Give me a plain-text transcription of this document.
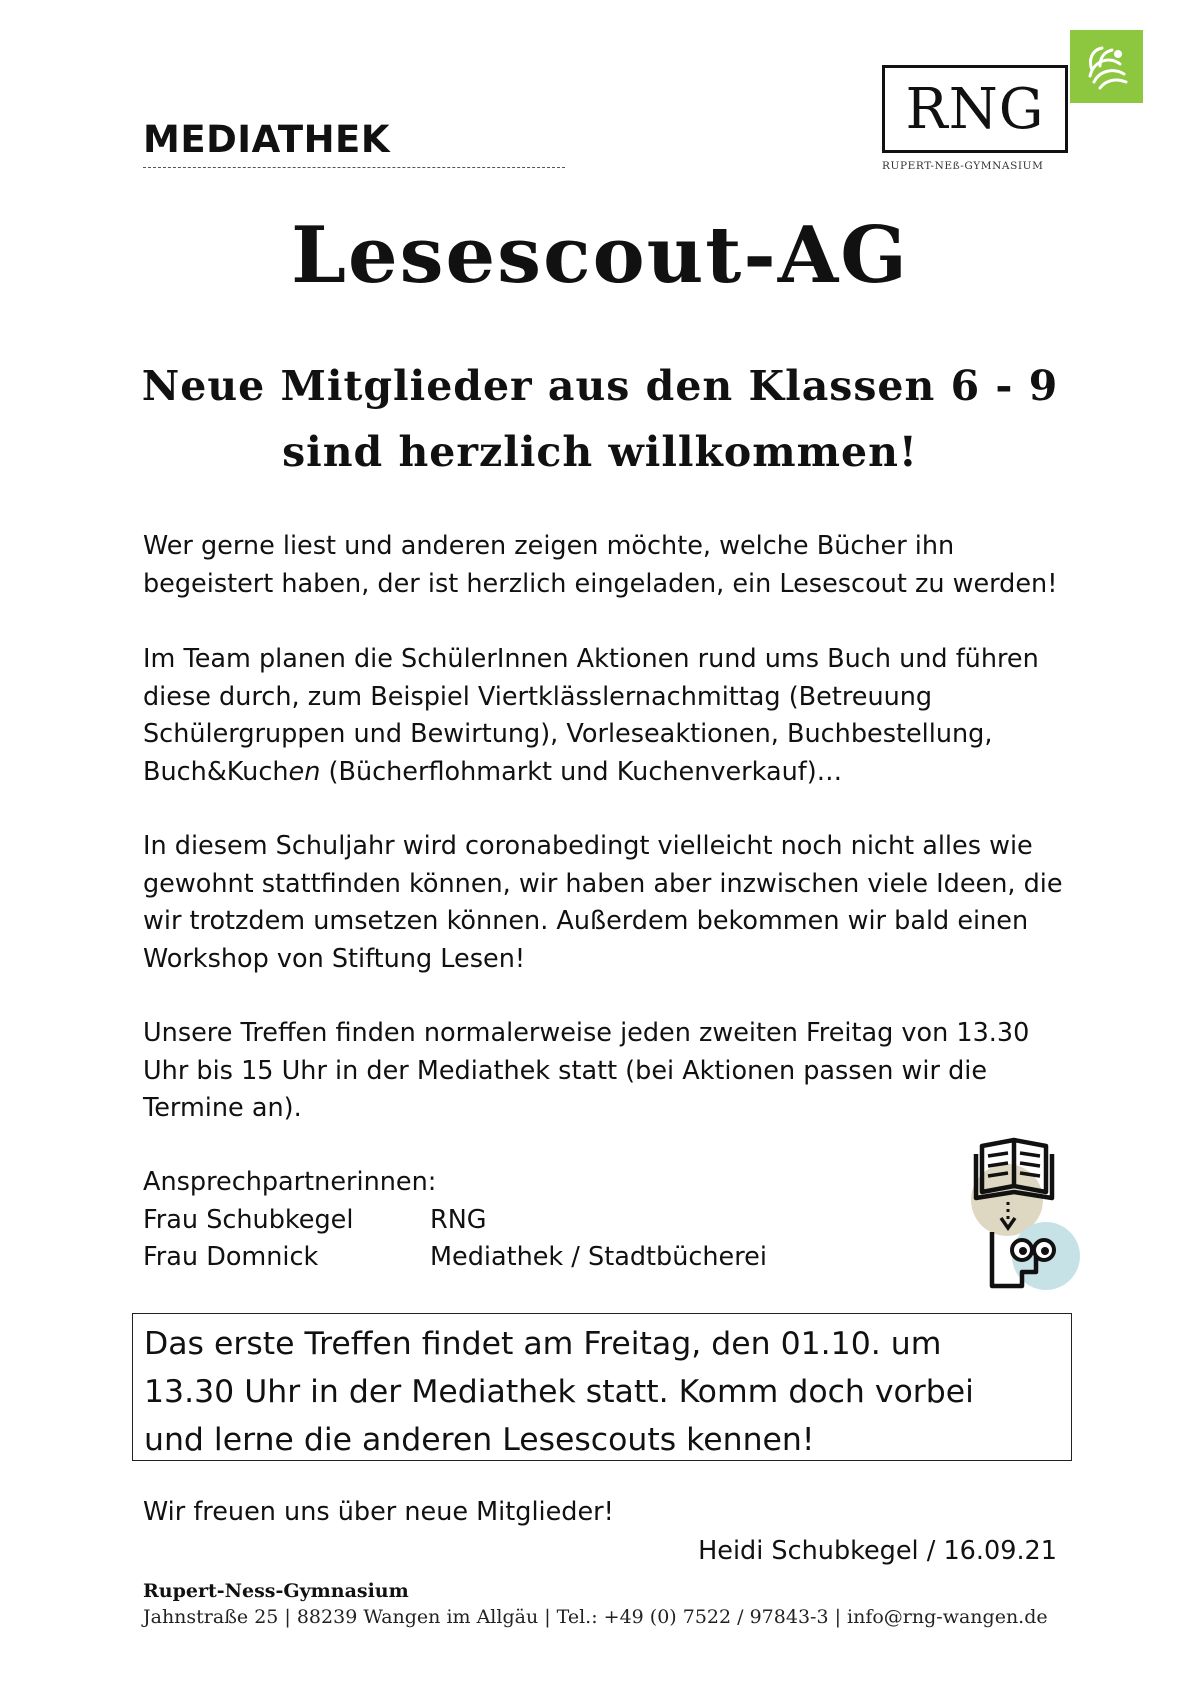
MEDIATHEK	RNG
RUPERT-NEß-GYMNASIUM
Lesescout-AG
Neue Mitglieder aus den Klassen 6 - 9
sind herzlich willkommen!
Wer gerne liest und anderen zeigen möchte, welche Bücher ihn
begeistert haben, der ist herzlich eingeladen, ein Lesescout zu werden!
Im Team planen die SchülerInnen Aktionen rund ums Buch und führen
diese durch, zum Beispiel Viertklässlernachmittag (Betreuung
Schülergruppen und Bewirtung), Vorleseaktionen, Buchbestellung,
Buch&Kuchen (Bücherflohmarkt und Kuchenverkauf)…
In diesem Schuljahr wird coronabedingt vielleicht noch nicht alles wie
gewohnt stattfinden können, wir haben aber inzwischen viele Ideen, die
wir trotzdem umsetzen können. Außerdem bekommen wir bald einen
Workshop von Stiftung Lesen!
Unsere Treffen finden normalerweise jeden zweiten Freitag von 13.30
Uhr bis 15 Uhr in der Mediathek statt (bei Aktionen passen wir die
Termine an).
Ansprechpartnerinnen:
Frau Schubkegel	RNG
Frau Domnick	Mediathek / Stadtbücherei
Das erste Treffen findet am Freitag, den 01.10. um
13.30 Uhr in der Mediathek statt. Komm doch vorbei
und lerne die anderen Lesescouts kennen!
Wir freuen uns über neue Mitglieder!
Heidi Schubkegel / 16.09.21
Rupert-Ness-Gymnasium
Jahnstraße 25 | 88239 Wangen im Allgäu | Tel.: +49 (0) 7522 / 97843-3 | info@rng-wangen.de
